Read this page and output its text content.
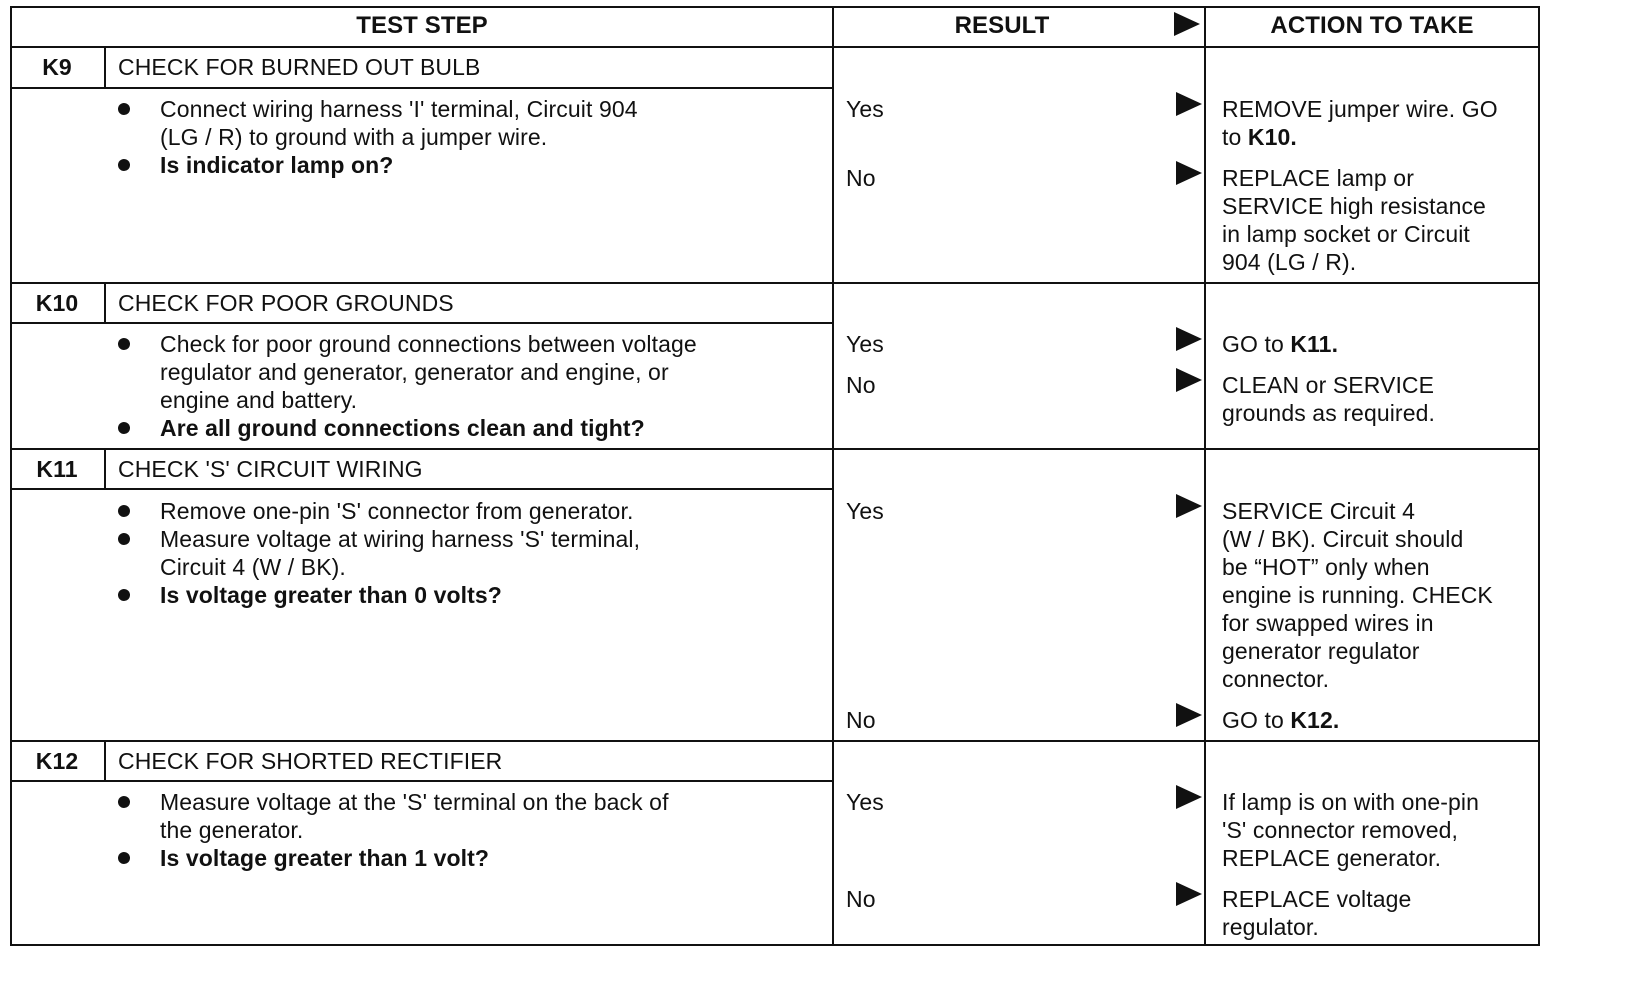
TEST STEP	RESULT	ACTION TO TAKE
K9	CHECK FOR BURNED OUT BULB
Connect wiring harness 'I' terminal, Circuit 904
(LG / R) to ground with a jumper wire.
Is indicator lamp on?
Yes	REMOVE jumper wire. GO
to K10.
No	REPLACE lamp or
SERVICE high resistance
in lamp socket or Circuit
904 (LG / R).
K10	CHECK FOR POOR GROUNDS
Check for poor ground connections between voltage
regulator and generator, generator and engine, or
engine and battery.
Are all ground connections clean and tight?
Yes	GO to K11.
No	CLEAN or SERVICE
grounds as required.
K11	CHECK 'S' CIRCUIT WIRING
Remove one-pin 'S' connector from generator.
Measure voltage at wiring harness 'S' terminal,
Circuit 4 (W / BK).
Is voltage greater than 0 volts?
Yes	SERVICE Circuit 4
(W / BK). Circuit should
be “HOT” only when
engine is running. CHECK
for swapped wires in
generator regulator
connector.
No	GO to K12.
K12	CHECK FOR SHORTED RECTIFIER
Measure voltage at the 'S' terminal on the back of
the generator.
Is voltage greater than 1 volt?
Yes	If lamp is on with one-pin
'S' connector removed,
REPLACE generator.
No	REPLACE voltage
regulator.
